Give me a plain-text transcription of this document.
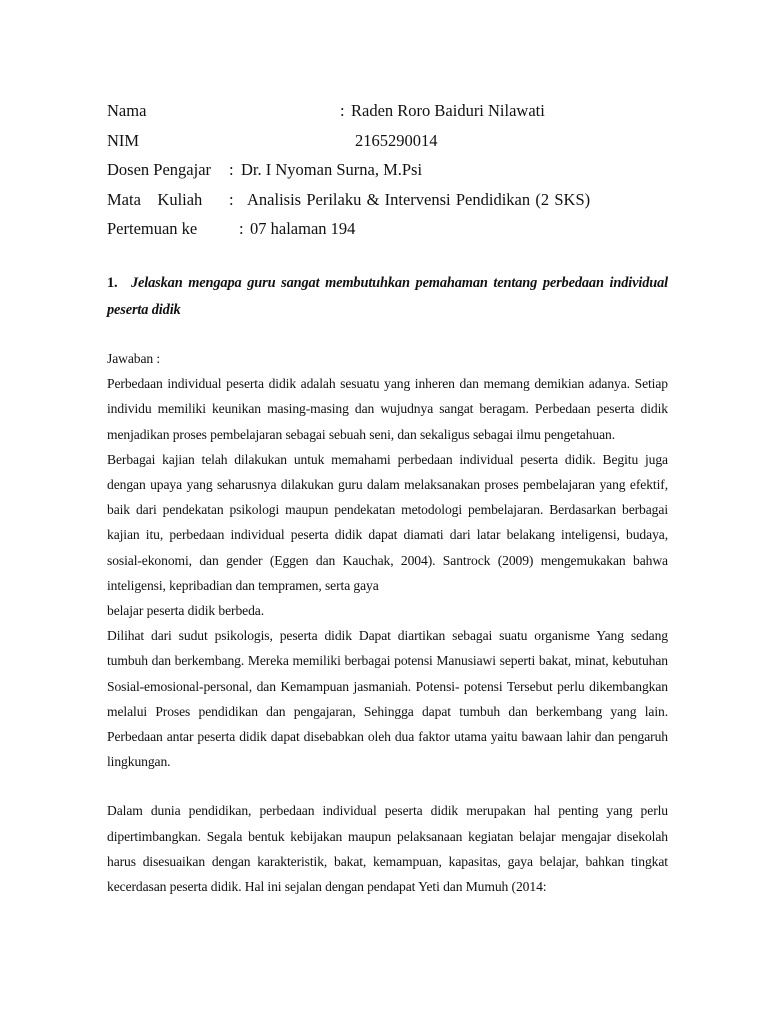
Nama	: Raden Roro Baiduri Nilawati
NIM	2165290014
Dosen Pengajar : Dr. I Nyoman Surna, M.Psi
Mata    Kuliah : Analisis  Perilaku  &  Intervensi  Pendidikan  (2  SKS)
Pertemuan ke	: 07 halaman 194
1. Jelaskan mengapa guru sangat membutuhkan pemahaman tentang perbedaan individual peserta didik

Jawaban :

Perbedaan individual peserta didik adalah sesuatu yang inheren dan memang demikian adanya. Setiap individu memiliki keunikan masing-masing dan wujudnya sangat beragam. Perbedaan peserta didik menjadikan proses pembelajaran sebagai sebuah seni, dan sekaligus sebagai ilmu pengetahuan.

Berbagai kajian telah dilakukan untuk memahami perbedaan individual peserta didik. Begitu juga dengan upaya yang seharusnya dilakukan guru dalam melaksanakan proses pembelajaran yang efektif, baik dari pendekatan psikologi maupun pendekatan metodologi pembelajaran. Berdasarkan berbagai kajian itu, perbedaan individual peserta didik dapat diamati dari latar belakang inteligensi, budaya, sosial-ekonomi, dan gender (Eggen dan Kauchak, 2004). Santrock (2009) mengemukakan bahwa inteligensi, kepribadian dan tempramen, serta gaya

belajar peserta didik berbeda.

Dilihat dari sudut psikologis, peserta didik Dapat diartikan sebagai suatu organisme Yang sedang tumbuh dan berkembang. Mereka memiliki berbagai potensi Manusiawi seperti bakat, minat, kebutuhan Sosial-emosional-personal, dan Kemampuan jasmaniah. Potensi- potensi Tersebut perlu dikembangkan melalui Proses pendidikan dan pengajaran, Sehingga dapat tumbuh dan berkembang yang lain. Perbedaan antar peserta didik dapat disebabkan oleh dua faktor utama yaitu bawaan lahir dan pengaruh lingkungan.

Dalam dunia pendidikan, perbedaan individual peserta didik merupakan hal penting yang perlu dipertimbangkan. Segala bentuk kebijakan maupun pelaksanaan kegiatan belajar mengajar disekolah harus disesuaikan dengan karakteristik, bakat, kemampuan, kapasitas, gaya belajar, bahkan tingkat kecerdasan peserta didik. Hal ini sejalan dengan pendapat Yeti dan Mumuh (2014:
